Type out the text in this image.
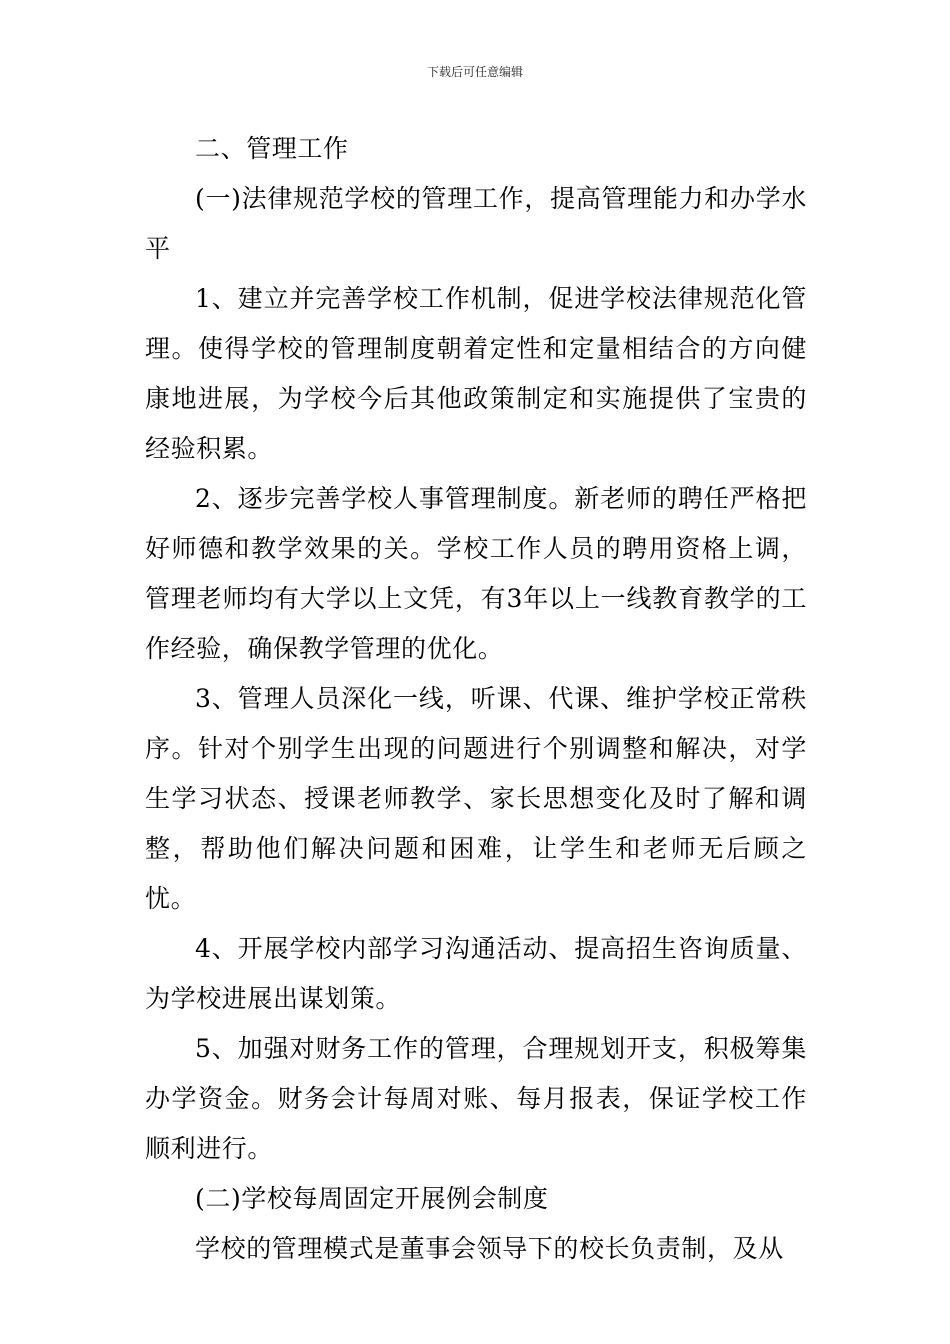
下载后可任意编辑

二、管理工作

(一)法律规范学校的管理工作，提高管理能力和办学水平

1、建立并完善学校工作机制，促进学校法律规范化管理。使得学校的管理制度朝着定性和定量相结合的方向健康地进展，为学校今后其他政策制定和实施提供了宝贵的经验积累。

2、逐步完善学校人事管理制度。新老师的聘任严格把好师德和教学效果的关。学校工作人员的聘用资格上调，管理老师均有大学以上文凭，有3年以上一线教育教学的工作经验，确保教学管理的优化。

3、管理人员深化一线，听课、代课、维护学校正常秩序。针对个别学生出现的问题进行个别调整和解决，对学生学习状态、授课老师教学、家长思想变化及时了解和调整，帮助他们解决问题和困难，让学生和老师无后顾之忧。

4、开展学校内部学习沟通活动、提高招生咨询质量、为学校进展出谋划策。

5、加强对财务工作的管理，合理规划开支，积极筹集办学资金。财务会计每周对账、每月报表，保证学校工作顺利进行。

(二)学校每周固定开展例会制度

学校的管理模式是董事会领导下的校长负责制，及从
